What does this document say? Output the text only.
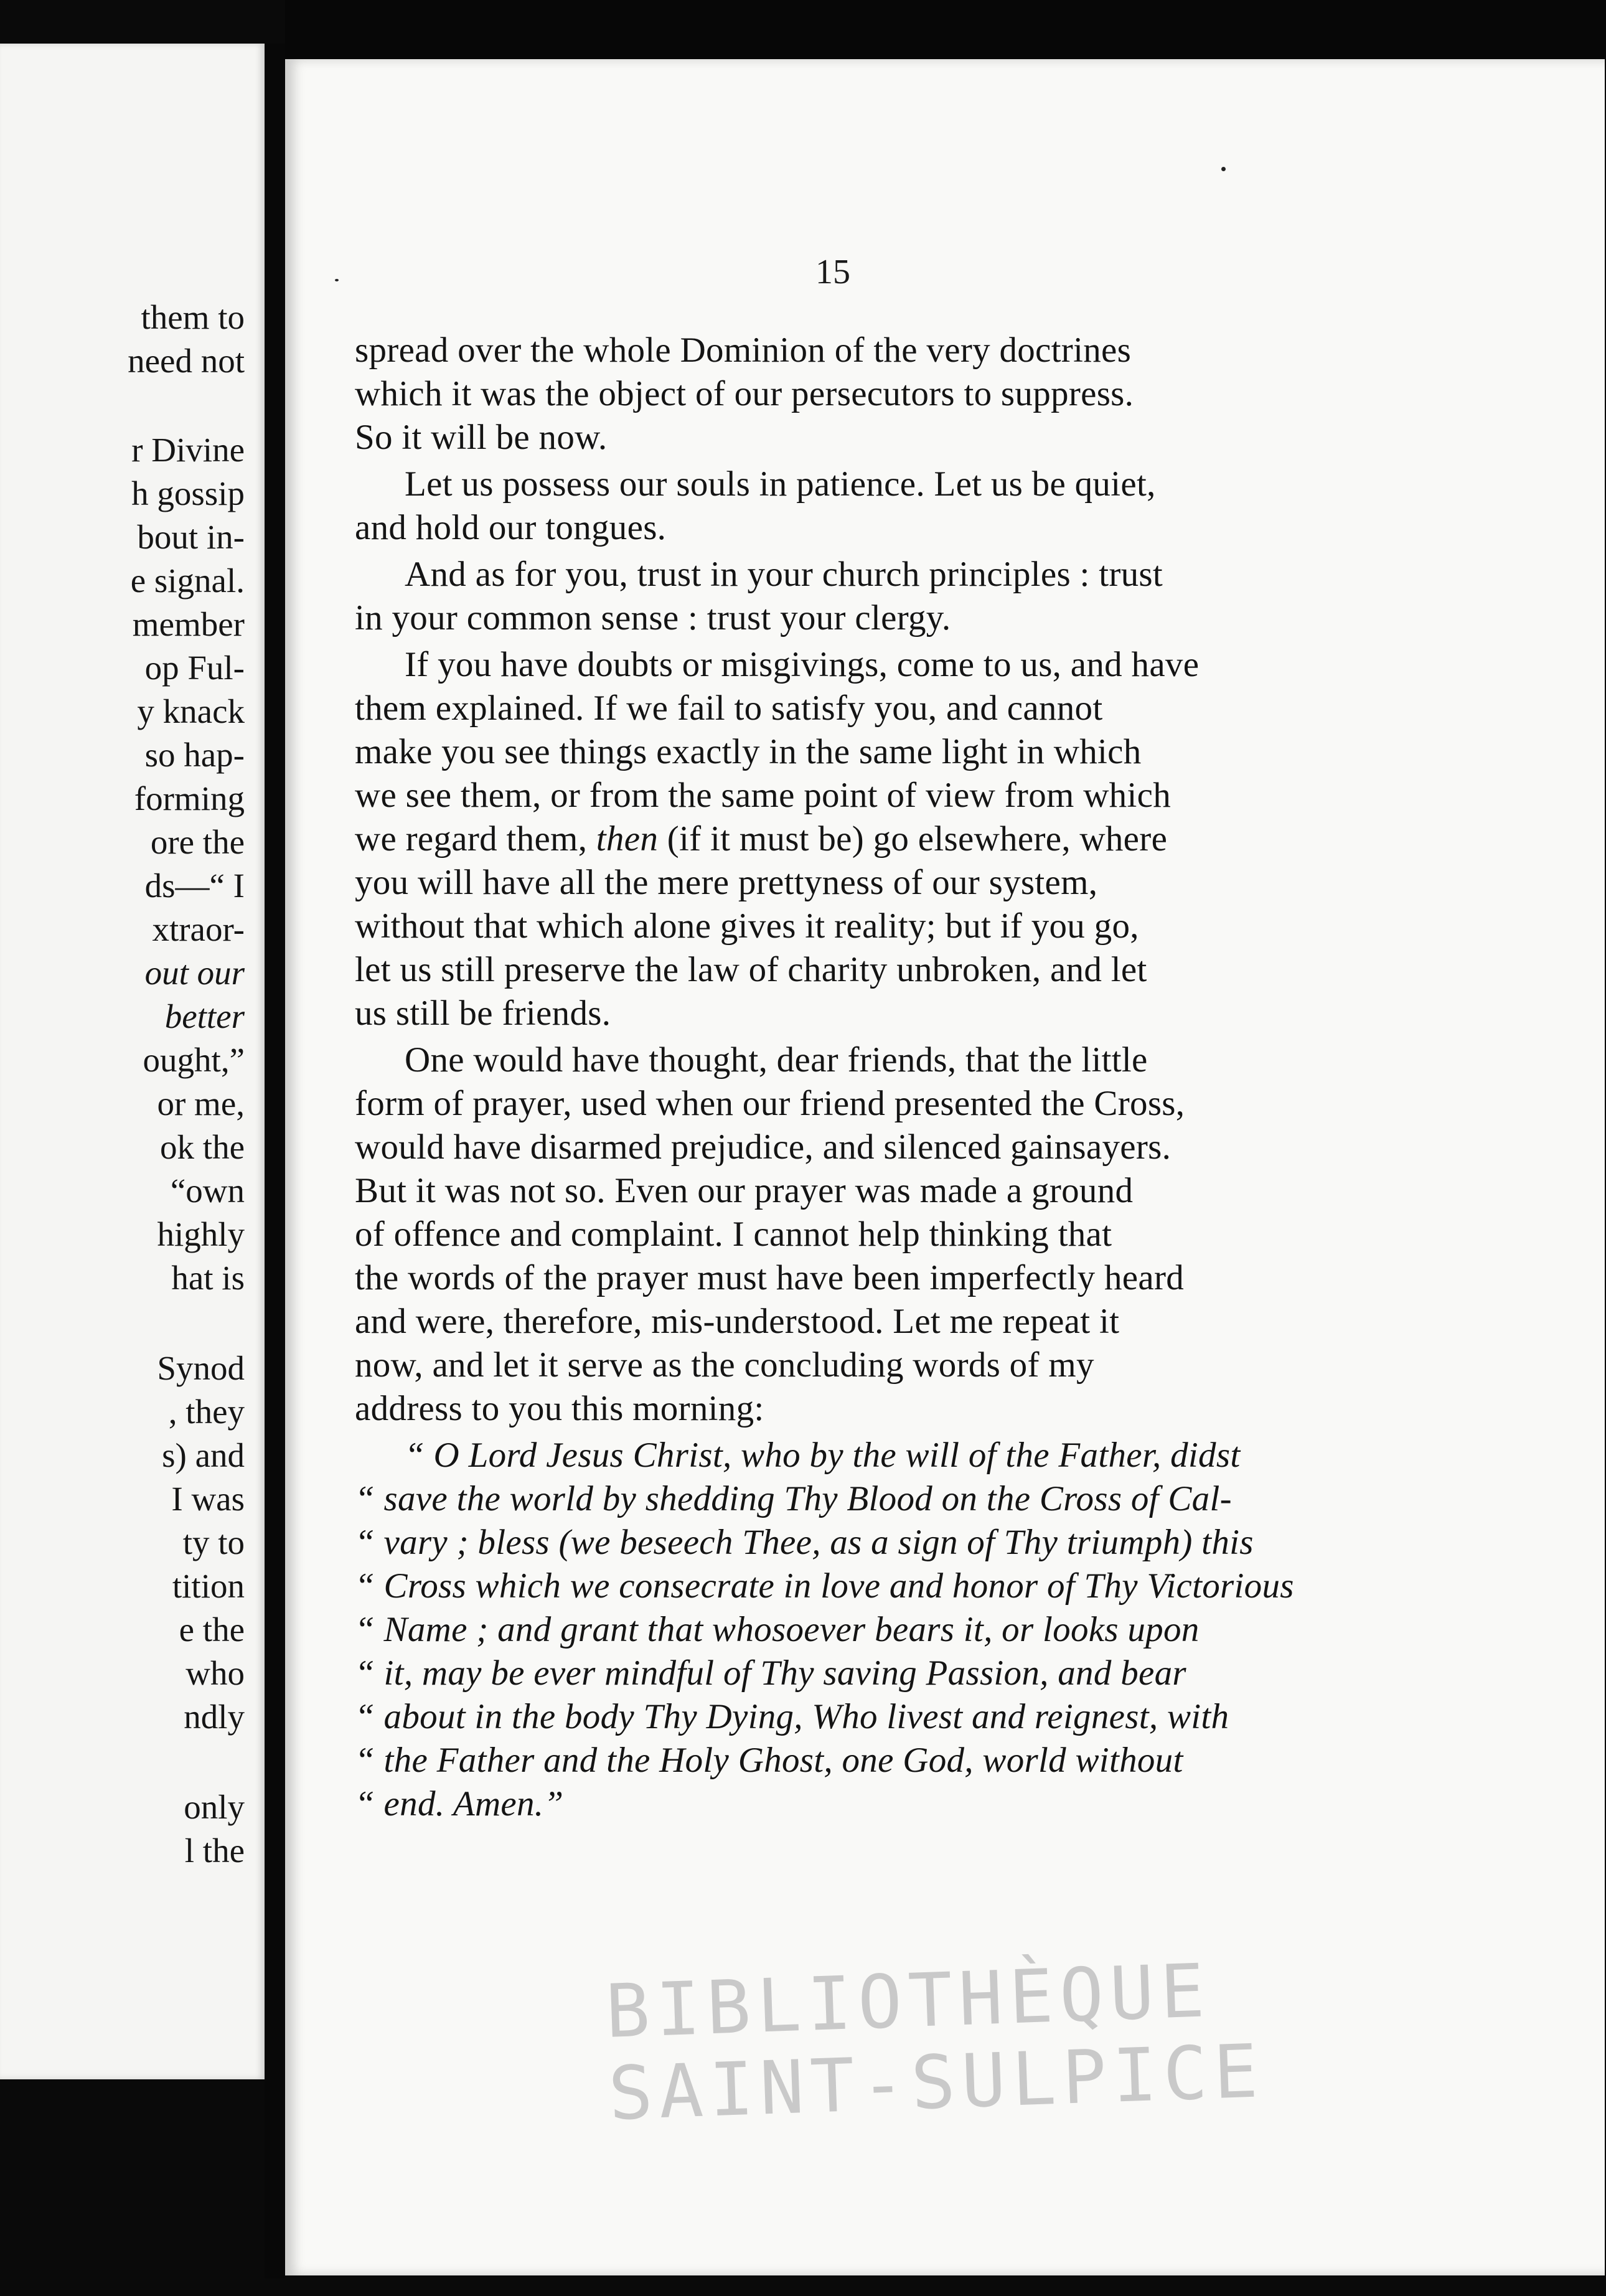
them to
need not
r Divine
h gossip
bout in-
e signal.
member
op Ful-
y knack
so hap-
forming
ore the
ds—“ I
xtraor-
out our
better
ought,”
or me,
ok the
“own
highly
hat is
Synod
, they
s) and
I was
ty to
tition
e the
who
ndly
only
l the
15
spread over the whole Dominion of the very doctrines
which it was the object of our persecutors to suppress.
So it will be now.
Let us possess our souls in patience. Let us be quiet,
and hold our tongues.
And as for you, trust in your church principles : trust
in your common sense : trust your clergy.
If you have doubts or misgivings, come to us, and have
them explained. If we fail to satisfy you, and cannot
make you see things exactly in the same light in which
we see them, or from the same point of view from which
we regard them, then (if it must be) go elsewhere, where
you will have all the mere prettyness of our system,
without that which alone gives it reality; but if you go,
let us still preserve the law of charity unbroken, and let
us still be friends.
One would have thought, dear friends, that the little
form of prayer, used when our friend presented the Cross,
would have disarmed prejudice, and silenced gainsayers.
But it was not so. Even our prayer was made a ground
of offence and complaint. I cannot help thinking that
the words of the prayer must have been imperfectly heard
and were, therefore, mis-understood. Let me repeat it
now, and let it serve as the concluding words of my
address to you this morning:
“ O Lord Jesus Christ, who by the will of the Father, didst
“ save the world by shedding Thy Blood on the Cross of Cal-
“ vary ; bless (we beseech Thee, as a sign of Thy triumph) this
“ Cross which we consecrate in love and honor of Thy Victorious
“ Name ; and grant that whosoever bears it, or looks upon
“ it, may be ever mindful of Thy saving Passion, and bear
“ about in the body Thy Dying, Who livest and reignest, with
“ the Father and the Holy Ghost, one God, world without
“ end. Amen.”
BIBLIOTHÈQUE
SAINT-SULPICE
